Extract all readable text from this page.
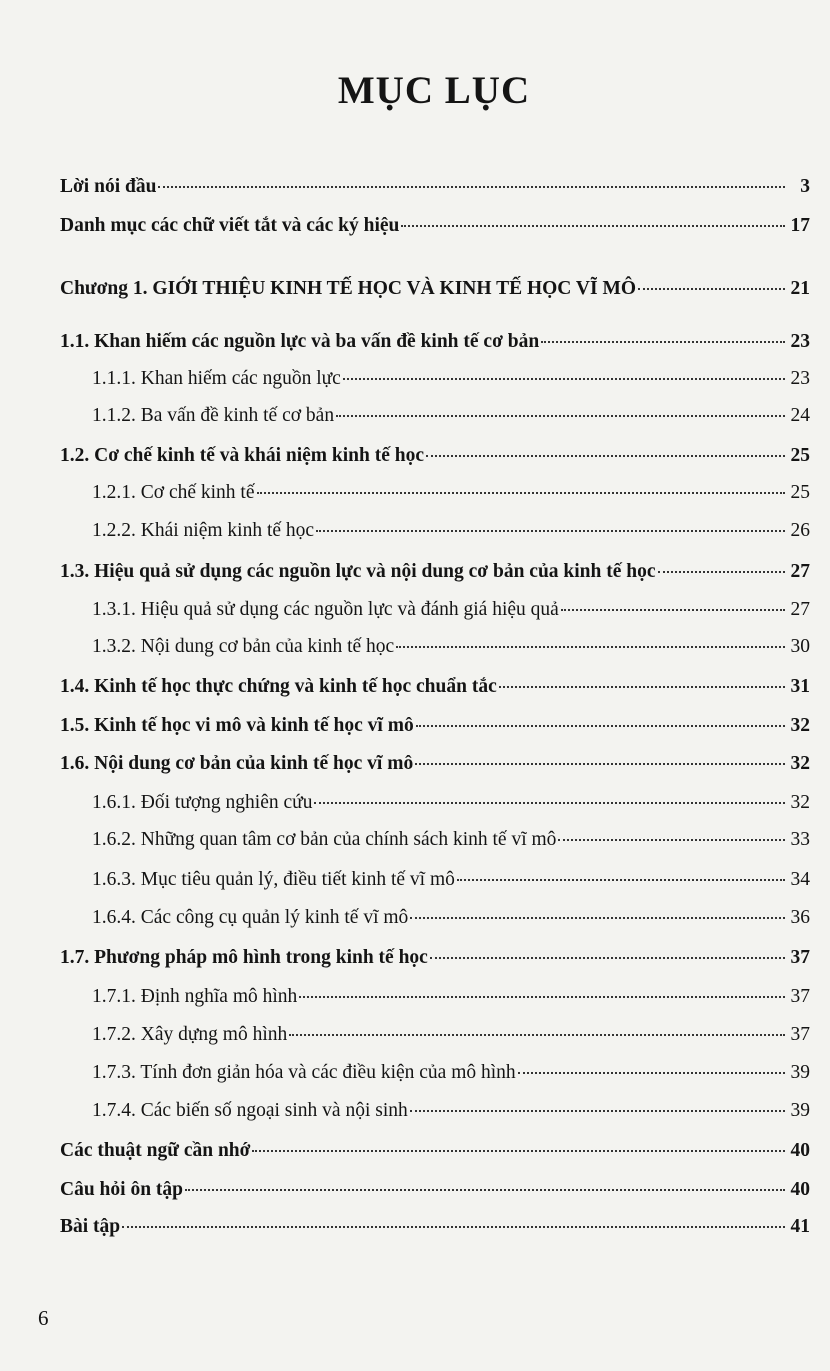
MỤC LỤC
Lời nói đầu	3
Danh mục các chữ viết tắt và các ký hiệu	17
Chương 1. GIỚI THIỆU KINH TẾ HỌC VÀ KINH TẾ HỌC VĨ MÔ	21
1.1. Khan hiếm các nguồn lực và ba vấn đề kinh tế cơ bản	23
1.1.1. Khan hiếm các nguồn lực	23
1.1.2. Ba vấn đề kinh tế cơ bản	24
1.2. Cơ chế kinh tế và khái niệm kinh tế học	25
1.2.1. Cơ chế kinh tế	25
1.2.2. Khái niệm kinh tế học	26
1.3. Hiệu quả sử dụng các nguồn lực và nội dung cơ bản của kinh tế học	27
1.3.1. Hiệu quả sử dụng các nguồn lực và đánh giá hiệu quả	27
1.3.2. Nội dung cơ bản của kinh tế học	30
1.4. Kinh tế học thực chứng và kinh tế học chuẩn tắc	31
1.5. Kinh tế học vi mô và kinh tế học vĩ mô	32
1.6. Nội dung cơ bản của kinh tế học vĩ mô	32
1.6.1. Đối tượng nghiên cứu	32
1.6.2. Những quan tâm cơ bản của chính sách kinh tế vĩ mô	33
1.6.3. Mục tiêu quản lý, điều tiết kinh tế vĩ mô	34
1.6.4. Các công cụ quản lý kinh tế vĩ mô	36
1.7. Phương pháp mô hình trong kinh tế học	37
1.7.1. Định nghĩa mô hình	37
1.7.2. Xây dựng mô hình	37
1.7.3. Tính đơn giản hóa và các điều kiện của mô hình	39
1.7.4. Các biến số ngoại sinh và nội sinh	39
Các thuật ngữ cần nhớ	40
Câu hỏi ôn tập	40
Bài tập	41
6
